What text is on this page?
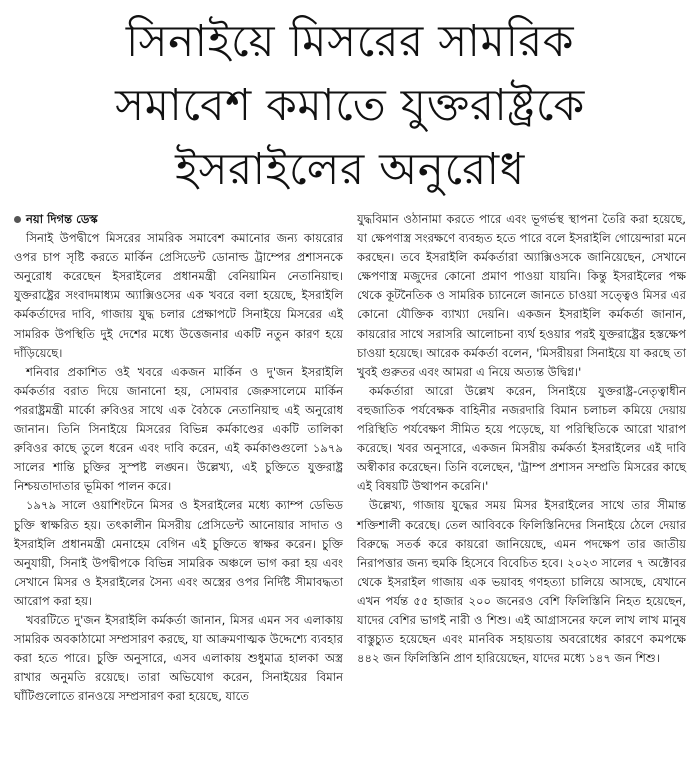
সিনাইয়ে মিসরের সামরিক
সমাবেশ কমাতে যুক্তরাষ্ট্রকে
ইসরাইলের অনুরোধ
নয়া দিগন্ত ডেস্ক

সিনাই উপদ্বীপে মিসরের সামরিক সমাবেশ কমানোর জন্য কায়রোর ওপর চাপ সৃষ্টি করতে মার্কিন প্রেসিডেন্ট ডোনাল্ড ট্রাম্পের প্রশাসনকে অনুরোধ করেছেন ইসরাইলের প্রধানমন্ত্রী বেনিয়ামিন নেতানিয়াহু। যুক্তরাষ্ট্রের সংবাদমাধ্যম অ্যাক্সিওসের এক খবরে বলা হয়েছে, ইসরাইলি কর্মকর্তাদের দাবি, গাজায় যুদ্ধ চলার প্রেক্ষাপটে সিনাইয়ে মিসরের এই সামরিক উপস্থিতি দুই দেশের মধ্যে উত্তেজনার একটি নতুন কারণ হয়ে দাঁড়িয়েছে।

শনিবার প্রকাশিত ওই খবরে একজন মার্কিন ও দু'জন ইসরাইলি কর্মকর্তার বরাত দিয়ে জানানো হয়, সোমবার জেরুসালেমে মার্কিন পররাষ্ট্রমন্ত্রী মার্কো রুবিওর সাথে এক বৈঠকে নেতানিয়াহু এই অনুরোধ জানান। তিনি সিনাইয়ে মিসরের বিভিন্ন কর্মকাণ্ডের একটি তালিকা রুবিওর কাছে তুলে ধরেন এবং দাবি করেন, এই কর্মকাণ্ডগুলো ১৯৭৯ সালের শান্তি চুক্তির সুস্পষ্ট লঙ্ঘন। উল্লেখ্য, এই চুক্তিতে যুক্তরাষ্ট্র নিশ্চয়তাদাতার ভূমিকা পালন করে।

১৯৭৯ সালে ওয়াশিংটনে মিসর ও ইসরাইলের মধ্যে ক্যাম্প ডেভিড চুক্তি স্বাক্ষরিত হয়। তৎকালীন মিসরীয় প্রেসিডেন্ট আনোয়ার সাদাত ও ইসরাইলি প্রধানমন্ত্রী মেনাহেম বেগিন এই চুক্তিতে স্বাক্ষর করেন। চুক্তি অনুযায়ী, সিনাই উপদ্বীপকে বিভিন্ন সামরিক অঞ্চলে ভাগ করা হয় এবং সেখানে মিসর ও ইসরাইলের সৈন্য এবং অস্ত্রের ওপর নির্দিষ্ট সীমাবদ্ধতা আরোপ করা হয়।

খবরটিতে দু'জন ইসরাইলি কর্মকর্তা জানান, মিসর এমন সব এলাকায় সামরিক অবকাঠামো সম্প্রসারণ করছে, যা আক্রমণাত্মক উদ্দেশ্যে ব্যবহার করা হতে পারে। চুক্তি অনুসারে, এসব এলাকায় শুধুমাত্র হালকা অস্ত্র রাখার অনুমতি রয়েছে। তারা অভিযোগ করেন, সিনাইয়ের বিমান ঘাঁটিগুলোতে রানওয়ে সম্প্রসারণ করা হয়েছে, যাতে

যুদ্ধবিমান ওঠানামা করতে পারে এবং ভূগর্ভস্থ স্থাপনা তৈরি করা হয়েছে, যা ক্ষেপণাস্ত্র সংরক্ষণে ব্যবহৃত হতে পারে বলে ইসরাইলি গোয়েন্দারা মনে করছেন। তবে ইসরাইলি কর্মকর্তারা অ্যাক্সিওসকে জানিয়েছেন, সেখানে ক্ষেপণাস্ত্র মজুদের কোনো প্রমাণ পাওয়া যায়নি। কিন্তু ইসরাইলের পক্ষ থেকে কূটনৈতিক ও সামরিক চ্যানেলে জানতে চাওয়া সত্ত্বেও মিসর এর কোনো যৌক্তিক ব্যাখ্যা দেয়নি। একজন ইসরাইলি কর্মকর্তা জানান, কায়রোর সাথে সরাসরি আলোচনা ব্যর্থ হওয়ার পরই যুক্তরাষ্ট্রের হস্তক্ষেপ চাওয়া হয়েছে। আরেক কর্মকর্তা বলেন, 'মিসরীয়রা সিনাইয়ে যা করছে তা খুবই গুরুতর এবং আমরা এ নিয়ে অত্যন্ত উদ্বিগ্ন।'

কর্মকর্তারা আরো উল্লেখ করেন, সিনাইয়ে যুক্তরাষ্ট্র-নেতৃত্বাধীন বহুজাতিক পর্যবেক্ষক বাহিনীর নজরদারি বিমান চলাচল কমিয়ে দেয়ায় পরিস্থিতি পর্যবেক্ষণ সীমিত হয়ে পড়েছে, যা পরিস্থিতিকে আরো খারাপ করেছে। খবর অনুসারে, একজন মিসরীয় কর্মকর্তা ইসরাইলের এই দাবি অস্বীকার করেছেন। তিনি বলেছেন, 'ট্রাম্প প্রশাসন সম্প্রতি মিসরের কাছে এই বিষয়টি উত্থাপন করেনি।'

উল্লেখ্য, গাজায় যুদ্ধের সময় মিসর ইসরাইলের সাথে তার সীমান্ত শক্তিশালী করেছে। তেল আবিবকে ফিলিস্তিনিদের সিনাইয়ে ঠেলে দেয়ার বিরুদ্ধে সতর্ক করে কায়রো জানিয়েছে, এমন পদক্ষেপ তার জাতীয় নিরাপত্তার জন্য হুমকি হিসেবে বিবেচিত হবে। ২০২৩ সালের ৭ অক্টোবর থেকে ইসরাইল গাজায় এক ভয়াবহ গণহত্যা চালিয়ে আসছে, যেখানে এখন পর্যন্ত ৫৫ হাজার ২০০ জনেরও বেশি ফিলিস্তিনি নিহত হয়েছেন, যাদের বেশির ভাগই নারী ও শিশু। এই আগ্রাসনের ফলে লাখ লাখ মানুষ বাস্তুচ্যুত হয়েছেন এবং মানবিক সহায়তায় অবরোধের কারণে কমপক্ষে ৪৪২ জন ফিলিস্তিনি প্রাণ হারিয়েছেন, যাদের মধ্যে ১৪৭ জন শিশু।
